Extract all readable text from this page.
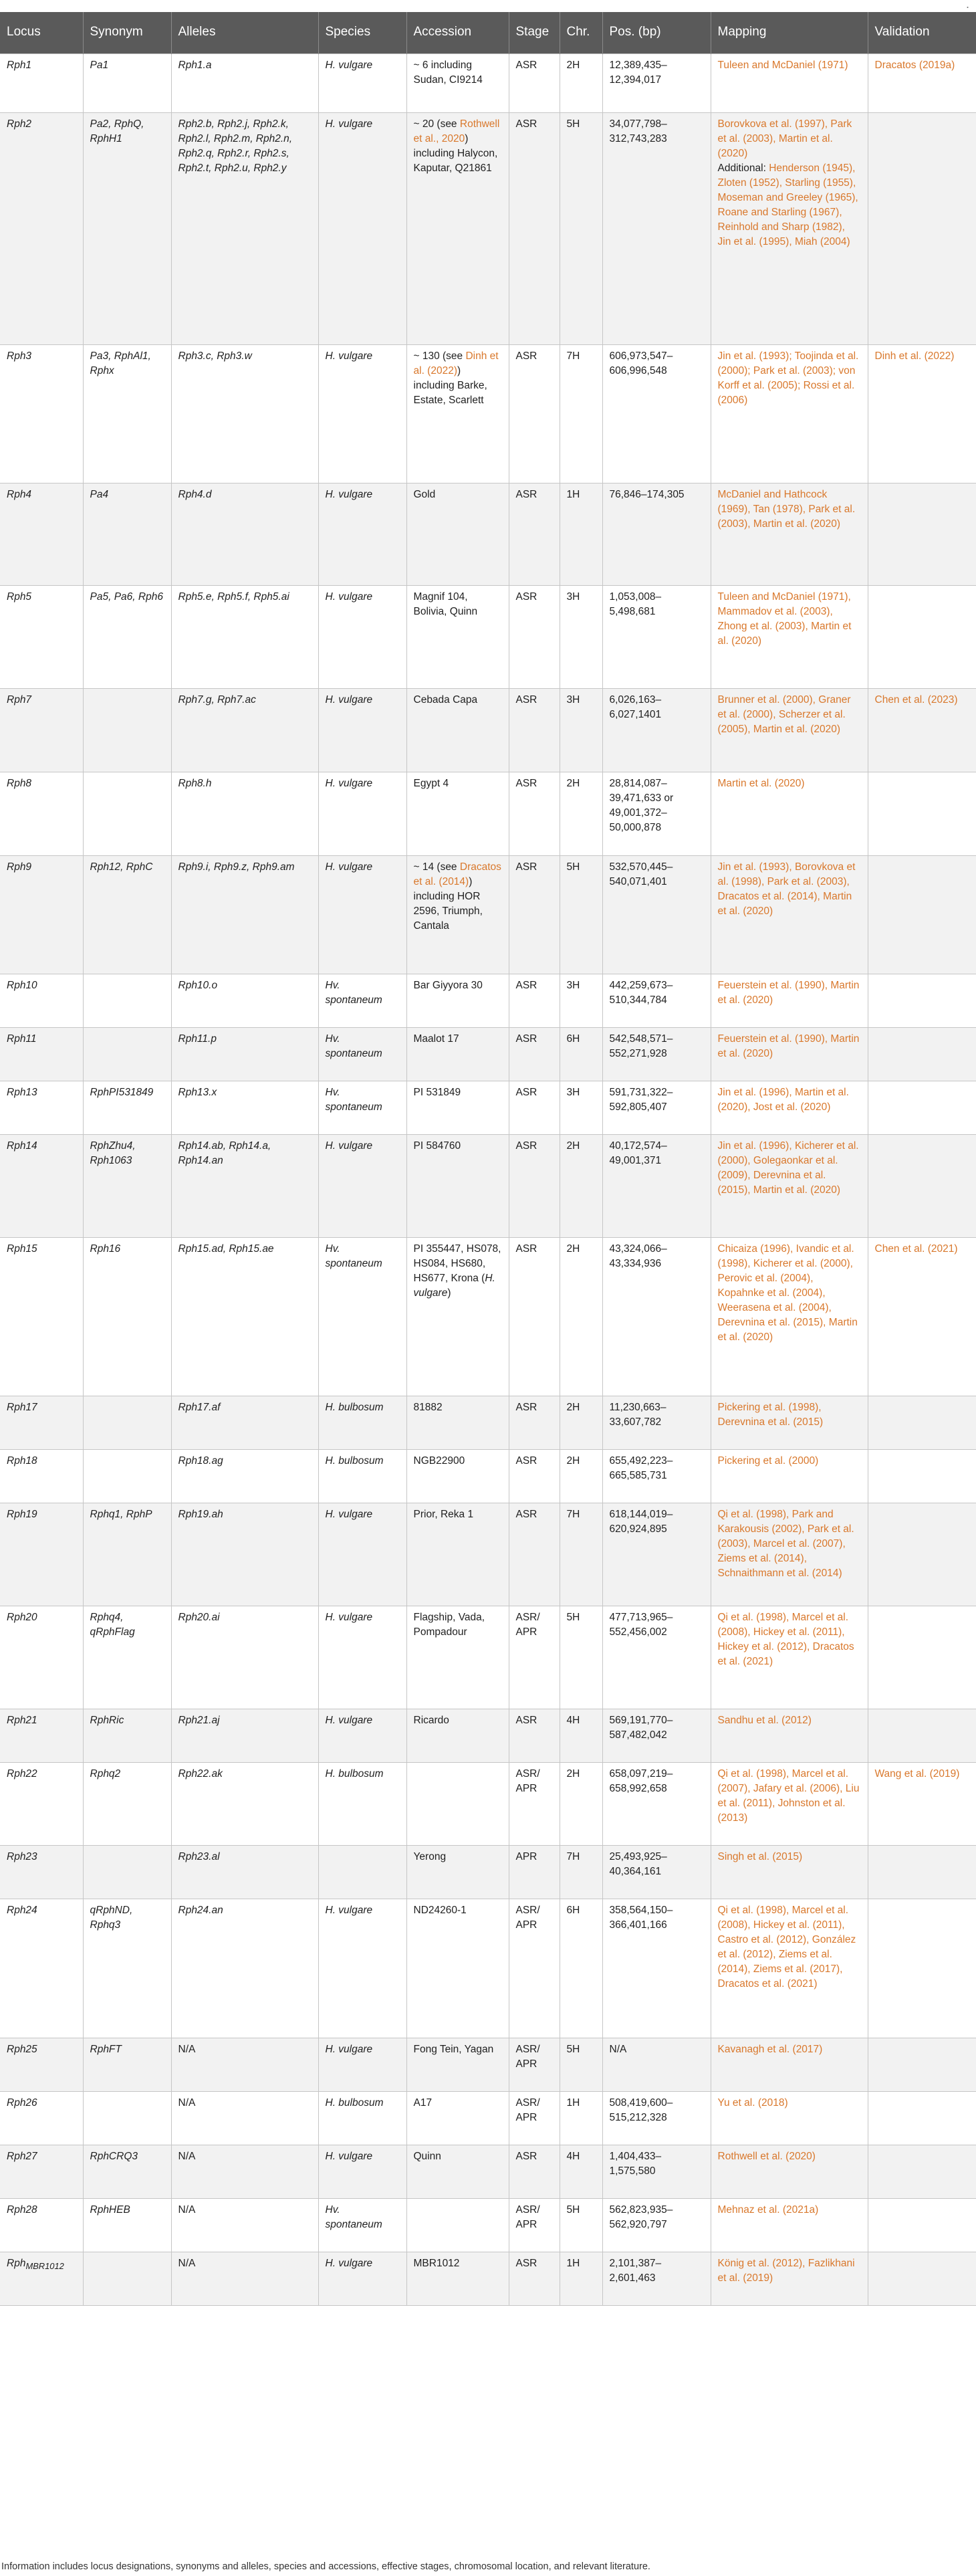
.
Locus	Synonym	Alleles	Species	Accession	Stage	Chr.	Pos. (bp)	Mapping	Validation
Rph1	Pa1	Rph1.a	H. vulgare	~ 6 including Sudan, CI9214	ASR	2H	12,389,435–12,394,017	Tuleen and McDaniel (1971)	Dracatos (2019a)
Rph2	Pa2, RphQ, RphH1	Rph2.b, Rph2.j, Rph2.k, Rph2.l, Rph2.m, Rph2.n, Rph2.q, Rph2.r, Rph2.s, Rph2.t, Rph2.u, Rph2.y	H. vulgare	~ 20 (see Rothwell et al., 2020) including Halycon, Kaputar, Q21861	ASR	5H	34,077,798–312,743,283	Borovkova et al. (1997), Park et al. (2003), Martin et al. (2020)
Additional: Henderson (1945), Zloten (1952), Starling (1955), Moseman and Greeley (1965), Roane and Starling (1967), Reinhold and Sharp (1982), Jin et al. (1995), Miah (2004)	
Rph3	Pa3, RphAl1, Rphx	Rph3.c, Rph3.w	H. vulgare	~ 130 (see Dinh et al. (2022)) including Barke, Estate, Scarlett	ASR	7H	606,973,547–606,996,548	Jin et al. (1993); Toojinda et al. (2000); Park et al. (2003); von Korff et al. (2005); Rossi et al. (2006)	Dinh et al. (2022)
Rph4	Pa4	Rph4.d	H. vulgare	Gold	ASR	1H	76,846–174,305	McDaniel and Hathcock (1969), Tan (1978), Park et al. (2003), Martin et al. (2020)	
Rph5	Pa5, Pa6, Rph6	Rph5.e, Rph5.f, Rph5.ai	H. vulgare	Magnif 104, Bolivia, Quinn	ASR	3H	1,053,008–5,498,681	Tuleen and McDaniel (1971), Mammadov et al. (2003), Zhong et al. (2003), Martin et al. (2020)	
Rph7		Rph7.g, Rph7.ac	H. vulgare	Cebada Capa	ASR	3H	6,026,163–6,027,1401	Brunner et al. (2000), Graner et al. (2000), Scherzer et al. (2005), Martin et al. (2020)	Chen et al. (2023)
Rph8		Rph8.h	H. vulgare	Egypt 4	ASR	2H	28,814,087–39,471,633 or 49,001,372–50,000,878	Martin et al. (2020)	
Rph9	Rph12, RphC	Rph9.i, Rph9.z, Rph9.am	H. vulgare	~ 14 (see Dracatos et al. (2014)) including HOR 2596, Triumph, Cantala	ASR	5H	532,570,445–540,071,401	Jin et al. (1993), Borovkova et al. (1998), Park et al. (2003), Dracatos et al. (2014), Martin et al. (2020)	
Rph10		Rph10.o	Hv. spontaneum	Bar Giyyora 30	ASR	3H	442,259,673–510,344,784	Feuerstein et al. (1990), Martin et al. (2020)	
Rph11		Rph11.p	Hv. spontaneum	Maalot 17	ASR	6H	542,548,571–552,271,928	Feuerstein et al. (1990), Martin et al. (2020)	
Rph13	RphPI531849	Rph13.x	Hv. spontaneum	PI 531849	ASR	3H	591,731,322–592,805,407	Jin et al. (1996), Martin et al. (2020), Jost et al. (2020)	
Rph14	RphZhu4, Rph1063	Rph14.ab, Rph14.a, Rph14.an	H. vulgare	PI 584760	ASR	2H	40,172,574–49,001,371	Jin et al. (1996), Kicherer et al. (2000), Golegaonkar et al. (2009), Derevnina et al. (2015), Martin et al. (2020)	
Rph15	Rph16	Rph15.ad, Rph15.ae	Hv. spontaneum	PI 355447, HS078, HS084, HS680, HS677, Krona (H. vulgare)	ASR	2H	43,324,066–43,334,936	Chicaiza (1996), Ivandic et al. (1998), Kicherer et al. (2000), Perovic et al. (2004), Kopahnke et al. (2004), Weerasena et al. (2004), Derevnina et al. (2015), Martin et al. (2020)	Chen et al. (2021)
Rph17		Rph17.af	H. bulbosum	81882	ASR	2H	11,230,663–33,607,782	Pickering et al. (1998), Derevnina et al. (2015)	
Rph18		Rph18.ag	H. bulbosum	NGB22900	ASR	2H	655,492,223–665,585,731	Pickering et al. (2000)	
Rph19	Rphq1, RphP	Rph19.ah	H. vulgare	Prior, Reka 1	ASR	7H	618,144,019–620,924,895	Qi et al. (1998), Park and Karakousis (2002), Park et al. (2003), Marcel et al. (2007), Ziems et al. (2014), Schnaithmann et al. (2014)	
Rph20	Rphq4, qRphFlag	Rph20.ai	H. vulgare	Flagship, Vada, Pompadour	ASR/ APR	5H	477,713,965–552,456,002	Qi et al. (1998), Marcel et al. (2008), Hickey et al. (2011), Hickey et al. (2012), Dracatos et al. (2021)	
Rph21	RphRic	Rph21.aj	H. vulgare	Ricardo	ASR	4H	569,191,770–587,482,042	Sandhu et al. (2012)	
Rph22	Rphq2	Rph22.ak	H. bulbosum		ASR/ APR	2H	658,097,219–658,992,658	Qi et al. (1998), Marcel et al. (2007), Jafary et al. (2006), Liu et al. (2011), Johnston et al. (2013)	Wang et al. (2019)
Rph23		Rph23.al		Yerong	APR	7H	25,493,925–40,364,161	Singh et al. (2015)	
Rph24	qRphND, Rphq3	Rph24.an	H. vulgare	ND24260-1	ASR/ APR	6H	358,564,150–366,401,166	Qi et al. (1998), Marcel et al. (2008), Hickey et al. (2011), Castro et al. (2012), González et al. (2012), Ziems et al. (2014), Ziems et al. (2017), Dracatos et al. (2021)	
Rph25	RphFT	N/A	H. vulgare	Fong Tein, Yagan	ASR/ APR	5H	N/A	Kavanagh et al. (2017)	
Rph26		N/A	H. bulbosum	A17	ASR/ APR	1H	508,419,600–515,212,328	Yu et al. (2018)	
Rph27	RphCRQ3	N/A	H. vulgare	Quinn	ASR	4H	1,404,433–1,575,580	Rothwell et al. (2020)	
Rph28	RphHEB	N/A	Hv. spontaneum		ASR/ APR	5H	562,823,935–562,920,797	Mehnaz et al. (2021a)	
Rph$_{MBR1012}$		N/A	H. vulgare	MBR1012	ASR	1H	2,101,387–2,601,463	König et al. (2012), Fazlikhani et al. (2019)	
Information includes locus designations, synonyms and alleles, species and accessions, effective stages, chromosomal location, and relevant literature.
